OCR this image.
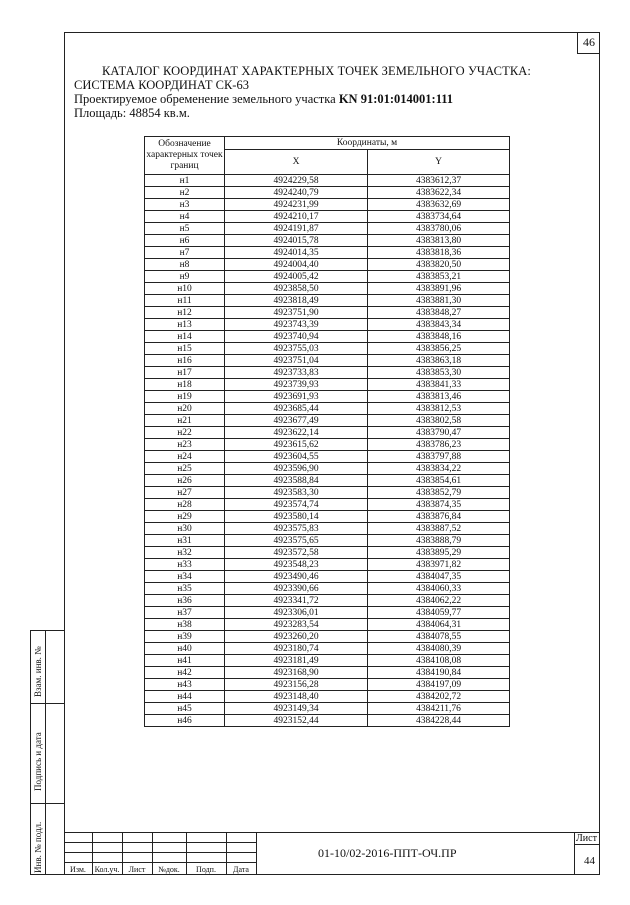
46
КАТАЛОГ КООРДИНАТ ХАРАКТЕРНЫХ ТОЧЕК ЗЕМЕЛЬНОГО УЧАСТКА:
СИСТЕМА КООРДИНАТ СК-63
Проектируемое обременение земельного участка KN 91:01:014001:111
Площадь: 48854 кв.м.
Обозначение характерных точек границ	Координаты, м	
	X	Y
н1	4924229,58	4383612,37
н2	4924240,79	4383622,34
н3	4924231,99	4383632,69
н4	4924210,17	4383734,64
н5	4924191,87	4383780,06
н6	4924015,78	4383813,80
н7	4924014,35	4383818,36
н8	4924004,40	4383820,50
н9	4924005,42	4383853,21
н10	4923858,50	4383891,96
н11	4923818,49	4383881,30
н12	4923751,90	4383848,27
н13	4923743,39	4383843,34
н14	4923740,94	4383848,16
н15	4923755,03	4383856,25
н16	4923751,04	4383863,18
н17	4923733,83	4383853,30
н18	4923739,93	4383841,33
н19	4923691,93	4383813,46
н20	4923685,44	4383812,53
н21	4923677,49	4383802,58
н22	4923622,14	4383790,47
н23	4923615,62	4383786,23
н24	4923604,55	4383797,88
н25	4923596,90	4383834,22
н26	4923588,84	4383854,61
н27	4923583,30	4383852,79
н28	4923574,74	4383874,35
н29	4923580,14	4383876,84
н30	4923575,83	4383887,52
н31	4923575,65	4383888,79
н32	4923572,58	4383895,29
н33	4923548,23	4383971,82
н34	4923490,46	4384047,35
н35	4923390,66	4384060,33
н36	4923341,72	4384062,22
н37	4923306,01	4384059,77
н38	4923283,54	4384064,31
н39	4923260,20	4384078,55
н40	4923180,74	4384080,39
н41	4923181,49	4384108,08
н42	4923168,90	4384190,84
н43	4923156,28	4384197,09
н44	4923148,40	4384202,72
н45	4923149,34	4384211,76
н46	4923152,44	4384228,44
Взам. инв. №
Подпись и дата
Инв. № подл.	Изм.	Кол.уч.	Лист	№док.	Подп.	Дата
01-10/02-2016-ППТ-ОЧ.ПР
Лист
44
